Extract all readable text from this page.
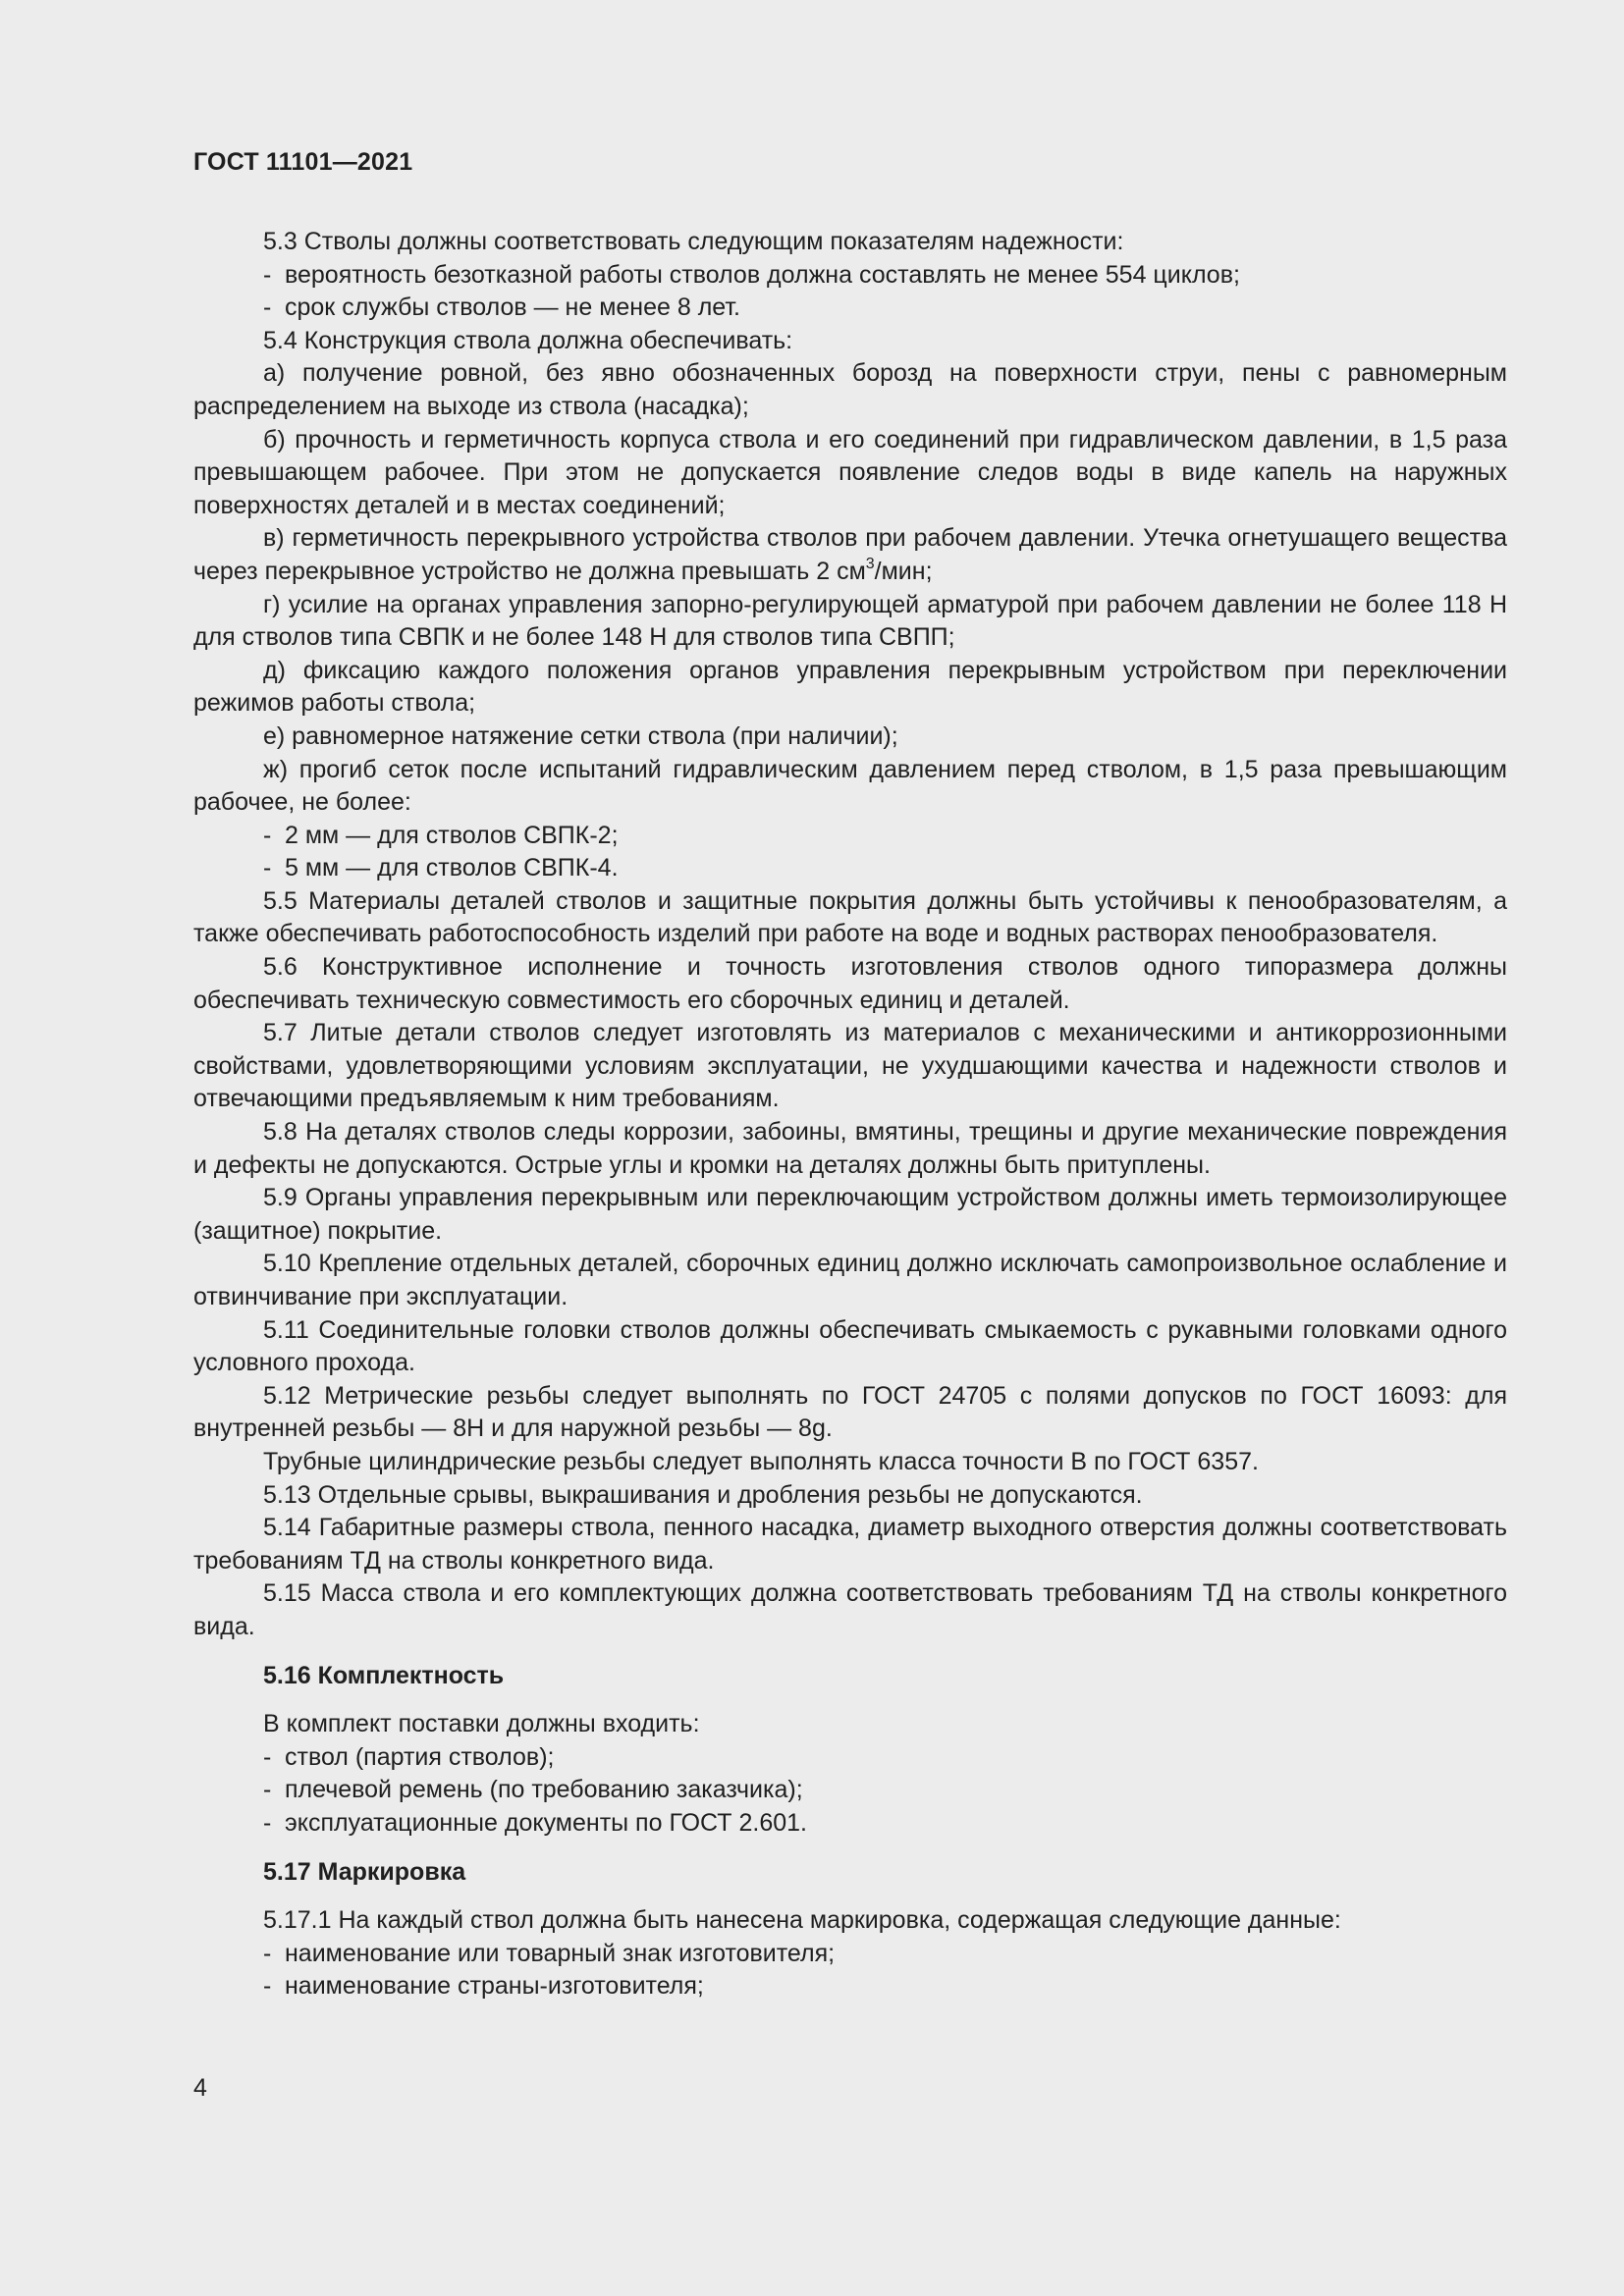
ГОСТ 11101—2021

5.3 Стволы должны соответствовать следующим показателям надежности:

- вероятность безотказной работы стволов должна составлять не менее 554 циклов;

- срок службы стволов — не менее 8 лет.

5.4 Конструкция ствола должна обеспечивать:

а) получение ровной, без явно обозначенных борозд на поверхности струи, пены с равномерным распределением на выходе из ствола (насадка);

б) прочность и герметичность корпуса ствола и его соединений при гидравлическом давлении, в 1,5 раза превышающем рабочее. При этом не допускается появление следов воды в виде капель на наружных поверхностях деталей и в местах соединений;

в) герметичность перекрывного устройства стволов при рабочем давлении. Утечка огнетушащего вещества через перекрывное устройство не должна превышать 2 $см^3$/мин;

г) усилие на органах управления запорно-регулирующей арматурой при рабочем давлении не более 118 Н для стволов типа СВПК и не более 148 Н для стволов типа СВПП;

д) фиксацию каждого положения органов управления перекрывным устройством при переключении режимов работы ствола;

е) равномерное натяжение сетки ствола (при наличии);

ж) прогиб сеток после испытаний гидравлическим давлением перед стволом, в 1,5 раза превышающим рабочее, не более:

- 2 мм — для стволов СВПК-2;

- 5 мм — для стволов СВПК-4.

5.5 Материалы деталей стволов и защитные покрытия должны быть устойчивы к пенообразователям, а также обеспечивать работоспособность изделий при работе на воде и водных растворах пенообразователя.

5.6 Конструктивное исполнение и точность изготовления стволов одного типоразмера должны обеспечивать техническую совместимость его сборочных единиц и деталей.

5.7 Литые детали стволов следует изготовлять из материалов с механическими и антикоррозионными свойствами, удовлетворяющими условиям эксплуатации, не ухудшающими качества и надежности стволов и отвечающими предъявляемым к ним требованиям.

5.8 На деталях стволов следы коррозии, забоины, вмятины, трещины и другие механические повреждения и дефекты не допускаются. Острые углы и кромки на деталях должны быть притуплены.

5.9 Органы управления перекрывным или переключающим устройством должны иметь термоизолирующее (защитное) покрытие.

5.10 Крепление отдельных деталей, сборочных единиц должно исключать самопроизвольное ослабление и отвинчивание при эксплуатации.

5.11 Соединительные головки стволов должны обеспечивать смыкаемость с рукавными головками одного условного прохода.

5.12 Метрические резьбы следует выполнять по ГОСТ 24705 с полями допусков по ГОСТ 16093: для внутренней резьбы — 8Н и для наружной резьбы — 8g.

Трубные цилиндрические резьбы следует выполнять класса точности В по ГОСТ 6357.

5.13 Отдельные срывы, выкрашивания и дробления резьбы не допускаются.

5.14 Габаритные размеры ствола, пенного насадка, диаметр выходного отверстия должны соответствовать требованиям ТД на стволы конкретного вида.

5.15 Масса ствола и его комплектующих должна соответствовать требованиям ТД на стволы конкретного вида.

5.16 Комплектность

В комплект поставки должны входить:

- ствол (партия стволов);

- плечевой ремень (по требованию заказчика);

- эксплуатационные документы по ГОСТ 2.601.

5.17 Маркировка

5.17.1 На каждый ствол должна быть нанесена маркировка, содержащая следующие данные:

- наименование или товарный знак изготовителя;

- наименование страны-изготовителя;

4
